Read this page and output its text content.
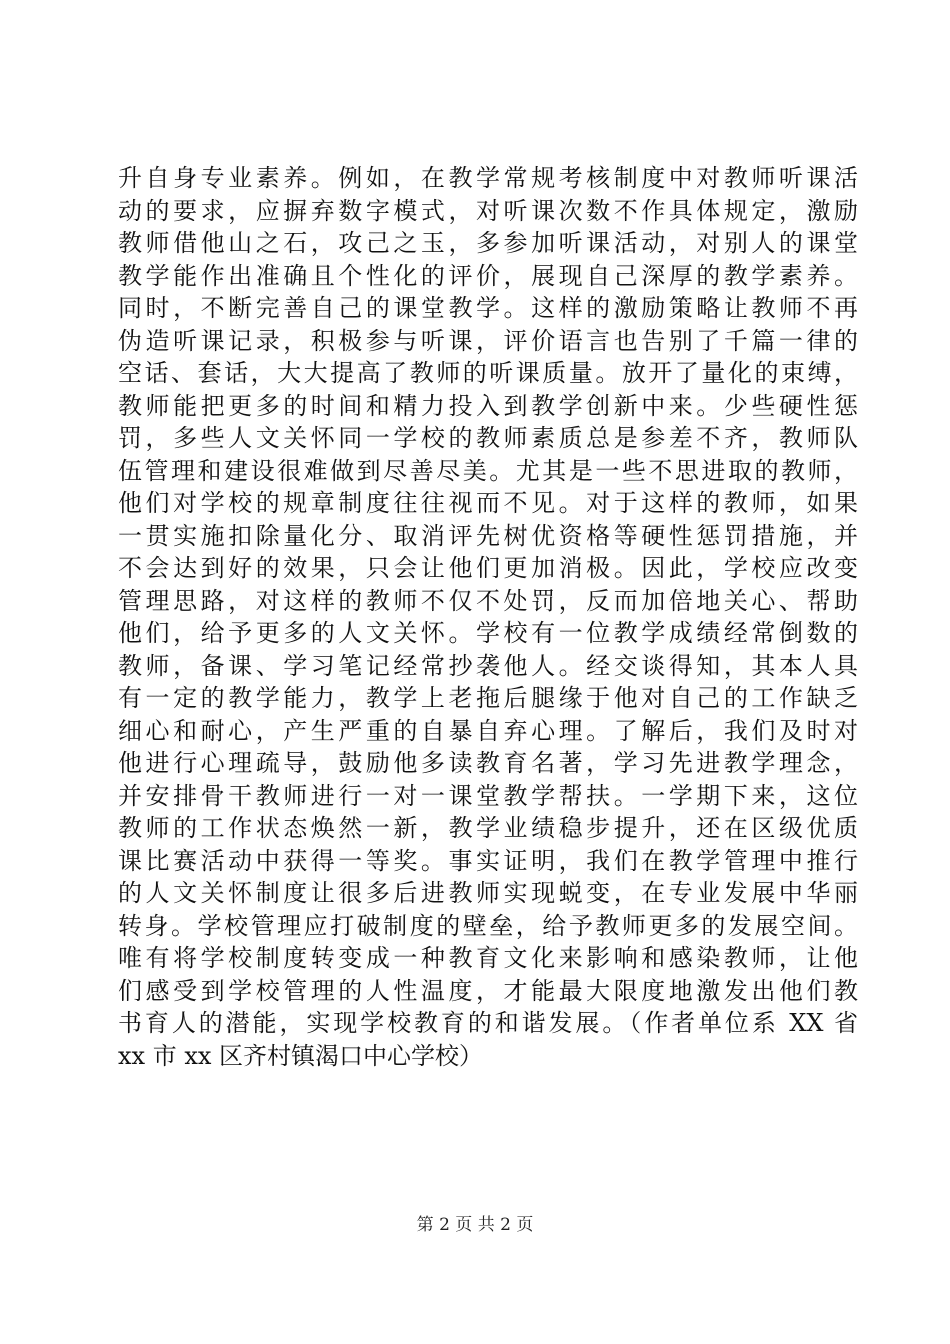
升自身专业素养。例如，在教学常规考核制度中对教师听课活
动的要求，应摒弃数字模式，对听课次数不作具体规定，激励
教师借他山之石，攻己之玉，多参加听课活动，对别人的课堂
教学能作出准确且个性化的评价，展现自己深厚的教学素养。
同时，不断完善自己的课堂教学。这样的激励策略让教师不再
伪造听课记录，积极参与听课，评价语言也告别了千篇一律的
空话、套话，大大提高了教师的听课质量。放开了量化的束缚，
教师能把更多的时间和精力投入到教学创新中来。少些硬性惩
罚，多些人文关怀同一学校的教师素质总是参差不齐，教师队
伍管理和建设很难做到尽善尽美。尤其是一些不思进取的教师，
他们对学校的规章制度往往视而不见。对于这样的教师，如果
一贯实施扣除量化分、取消评先树优资格等硬性惩罚措施，并
不会达到好的效果，只会让他们更加消极。因此，学校应改变
管理思路，对这样的教师不仅不处罚，反而加倍地关心、帮助
他们，给予更多的人文关怀。学校有一位教学成绩经常倒数的
教师，备课、学习笔记经常抄袭他人。经交谈得知，其本人具
有一定的教学能力，教学上老拖后腿缘于他对自己的工作缺乏
细心和耐心，产生严重的自暴自弃心理。了解后，我们及时对
他进行心理疏导，鼓励他多读教育名著，学习先进教学理念，
并安排骨干教师进行一对一课堂教学帮扶。一学期下来，这位
教师的工作状态焕然一新，教学业绩稳步提升，还在区级优质
课比赛活动中获得一等奖。事实证明，我们在教学管理中推行
的人文关怀制度让很多后进教师实现蜕变，在专业发展中华丽
转身。学校管理应打破制度的壁垒，给予教师更多的发展空间。
唯有将学校制度转变成一种教育文化来影响和感染教师，让他
们感受到学校管理的人性温度，才能最大限度地激发出他们教
书育人的潜能，实现学校教育的和谐发展。（作者单位系 XX 省
xx 市 xx 区齐村镇渴口中心学校）
第 2 页 共 2 页
